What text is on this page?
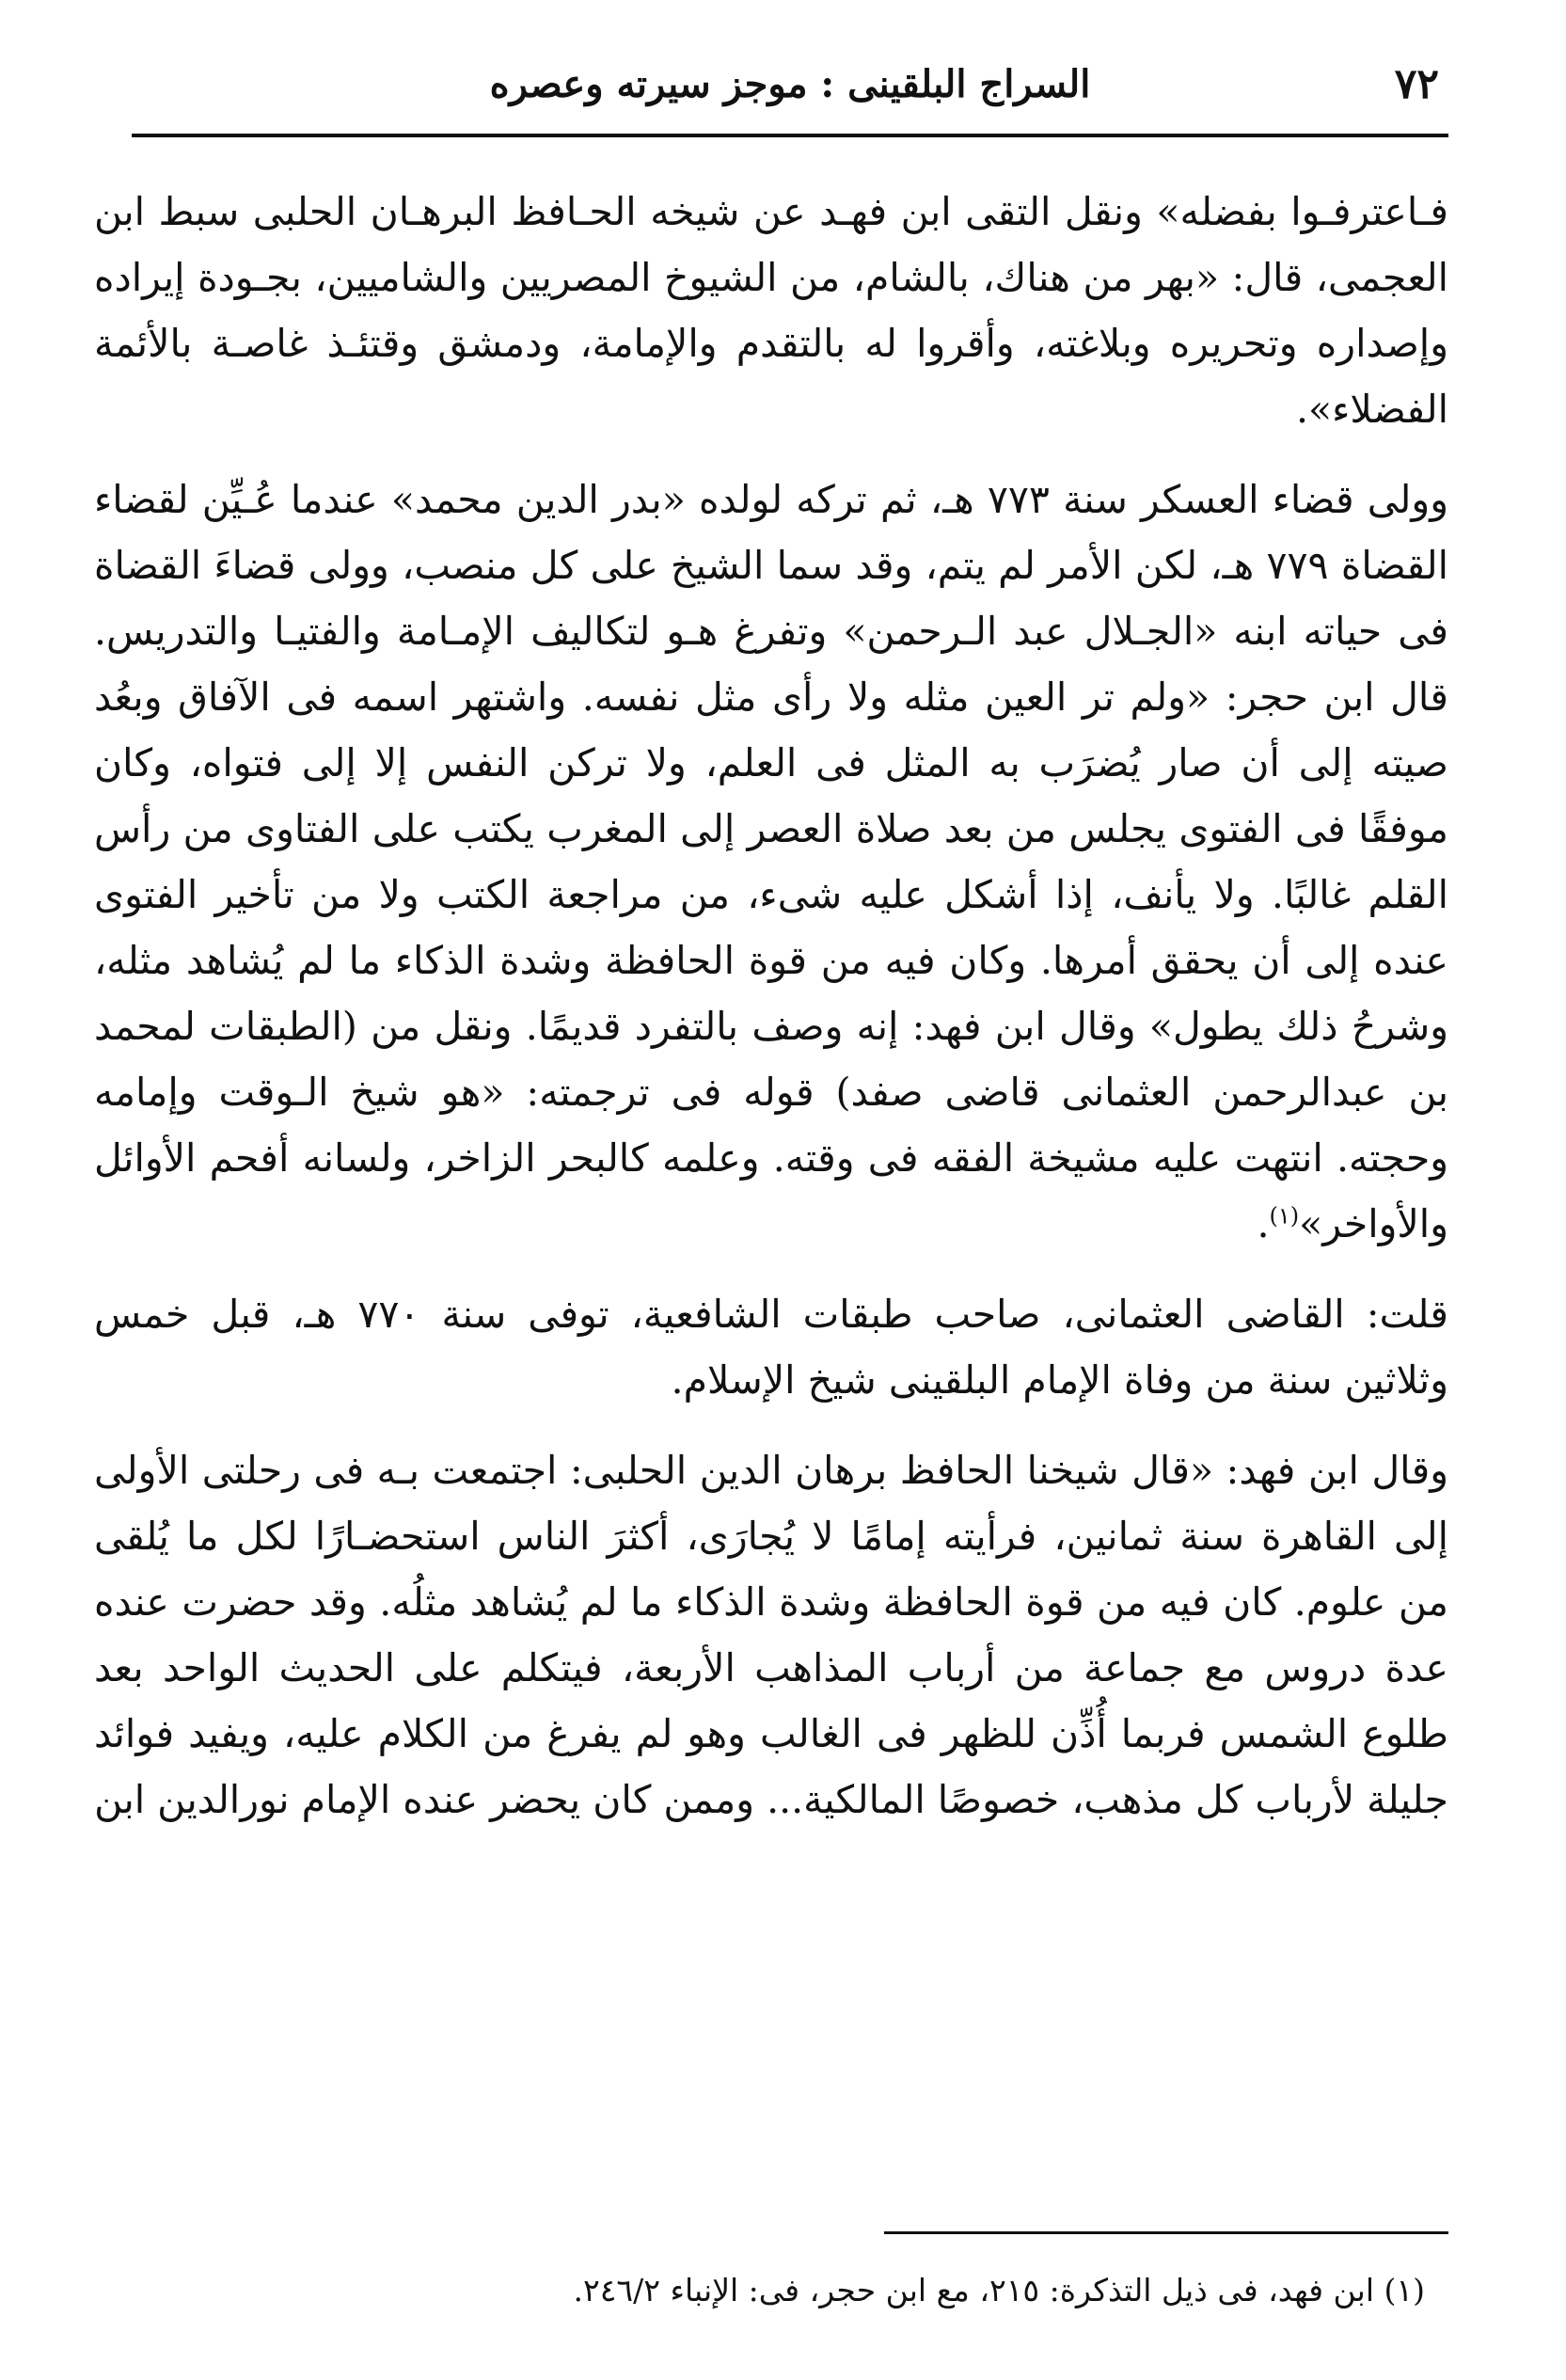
٧٢
السراج البلقينى : موجز سيرته وعصره

فـاعترفـوا بفضله» ونقل التقى ابن فهـد عن شيخه الحـافظ البرهـان الحلبى سبط ابن العجمى، قال: «بهر من هناك، بالشام، من الشيوخ المصريين والشاميين، بجـودة إيراده وإصداره وتحريره وبلاغته، وأقروا له بالتقدم والإمامة، ودمشق وقتئـذ غاصـة بالأئمة الفضلاء».

وولى قضاء العسكر سنة ٧٧٣ هـ، ثم تركه لولده «بدر الدين محمد» عندما عُـيِّن لقضاء القضاة ٧٧٩ هـ، لكن الأمر لم يتم، وقد سما الشيخ على كل منصب، وولى قضاءَ القضاة فى حياته ابنه «الجـلال عبد الـرحمن» وتفرغ هـو لتكاليف الإمـامة والفتيـا والتدريس. قال ابن حجر: «ولم تر العين مثله ولا رأى مثل نفسه. واشتهر اسمه فى الآفاق وبعُد صيته إلى أن صار يُضرَب به المثل فى العلم، ولا تركن النفس إلا إلى فتواه، وكان موفقًا فى الفتوى يجلس من بعد صلاة العصر إلى المغرب يكتب على الفتاوى من رأس القلم غالبًا. ولا يأنف، إذا أشكل عليه شىء، من مراجعة الكتب ولا من تأخير الفتوى عنده إلى أن يحقق أمرها. وكان فيه من قوة الحافظة وشدة الذكاء ما لم يُشاهد مثله، وشرحُ ذلك يطول» وقال ابن فهد: إنه وصف بالتفرد قديمًا. ونقل من (الطبقات لمحمد بن عبدالرحمن العثمانى قاضى صفد) قوله فى ترجمته: «هو شيخ الـوقت وإمامه وحجته. انتهت عليه مشيخة الفقه فى وقته. وعلمه كالبحر الزاخر، ولسانه أفحم الأوائل والأواخر»$^{(١)}$.

قلت: القاضى العثمانى، صاحب طبقات الشافعية، توفى سنة ٧٧٠ هـ، قبل خمس وثلاثين سنة من وفاة الإمام البلقينى شيخ الإسلام.

وقال ابن فهد: «قال شيخنا الحافظ برهان الدين الحلبى: اجتمعت بـه فى رحلتى الأولى إلى القاهرة سنة ثمانين، فرأيته إمامًا لا يُجارَى، أكثرَ الناس استحضـارًا لكل ما يُلقى من علوم. كان فيه من قوة الحافظة وشدة الذكاء ما لم يُشاهد مثلُه. وقد حضرت عنده عدة دروس مع جماعة من أرباب المذاهب الأربعة، فيتكلم على الحديث الواحد بعد طلوع الشمس فربما أُذِّن للظهر فى الغالب وهو لم يفرغ من الكلام عليه، ويفيد فوائد جليلة لأرباب كل مذهب، خصوصًا المالكية... وممن كان يحضر عنده الإمام نورالدين ابن

(١) ابن فهد، فى ذيل التذكرة: ٢١٥، مع ابن حجر، فى: الإنباء ٢٤٦/٢.
